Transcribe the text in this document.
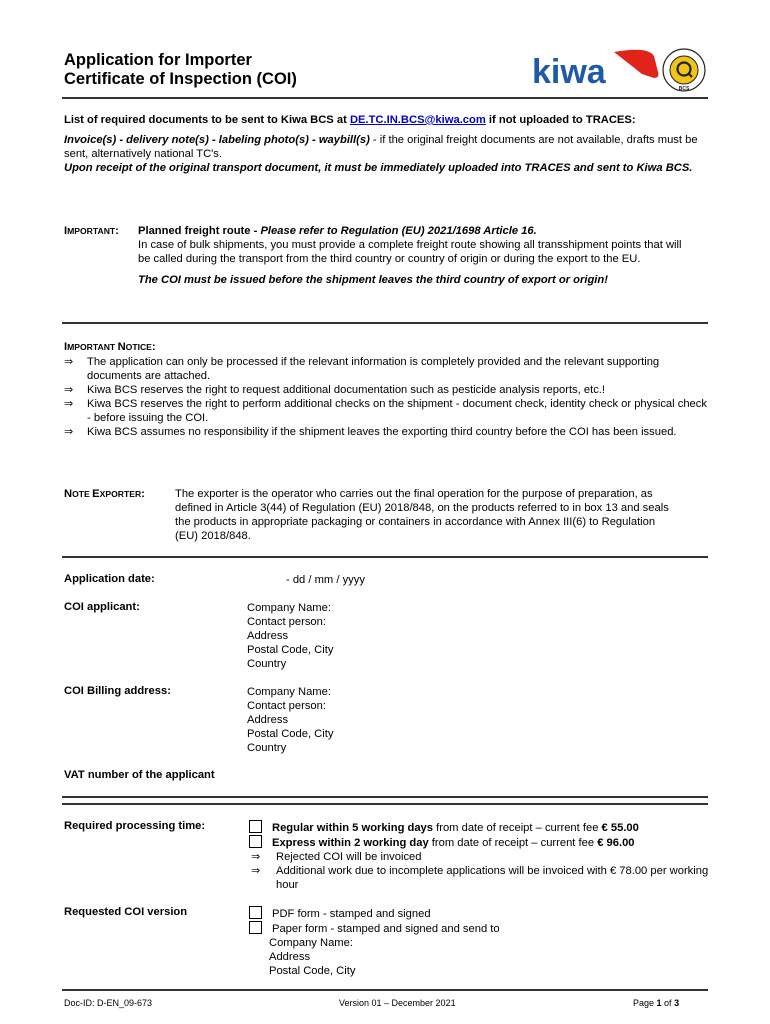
Application for Importer
Certificate of Inspection (COI)	kiwa	BCS
List of required documents to be sent to Kiwa BCS at DE.TC.IN.BCS@kiwa.com if not uploaded to TRACES:
Invoice(s) - delivery note(s) - labeling photo(s) - waybill(s) - if the original freight documents are not available, drafts must be sent, alternatively national TC's.
Upon receipt of the original transport document, it must be immediately uploaded into TRACES and sent to Kiwa BCS.
IMPORTANT: Planned freight route - Please refer to Regulation (EU) 2021/1698 Article 16.
In case of bulk shipments, you must provide a complete freight route showing all transshipment points that will be called during the transport from the third country or country of origin or during the export to the EU.
The COI must be issued before the shipment leaves the third country of export or origin!
IMPORTANT NOTICE:
⇒	The application can only be processed if the relevant information is completely provided and the relevant supporting documents are attached.
⇒	Kiwa BCS reserves the right to request additional documentation such as pesticide analysis reports, etc.!
⇒	Kiwa BCS reserves the right to perform additional checks on the shipment - document check, identity check or physical check - before issuing the COI.
⇒	Kiwa BCS assumes no responsibility if the shipment leaves the exporting third country before the COI has been issued.
NOTE EXPORTER:	The exporter is the operator who carries out the final operation for the purpose of preparation, as defined in Article 3(44) of Regulation (EU) 2018/848, on the products referred to in box 13 and seals the products in appropriate packaging or containers in accordance with Annex III(6) to Regulation (EU) 2018/848.
Application date:	- dd / mm / yyyy
COI applicant:	Company Name:
Contact person:
Address
Postal Code, City
Country
COI Billing address:	Company Name:
Contact person:
Address
Postal Code, City
Country
VAT number of the applicant
Required processing time:	Regular within 5 working days from date of receipt – current fee € 55.00
Express within 2 working day from date of receipt – current fee € 96.00
⇒	Rejected COI will be invoiced
⇒	Additional work due to incomplete applications will be invoiced with € 78.00 per working hour
Requested COI version	PDF form - stamped and signed
Paper form - stamped and signed and send to
Company Name:
Address
Postal Code, City
Doc-ID: D-EN_09-673	Version 01 – December 2021	Page 1 of 3
